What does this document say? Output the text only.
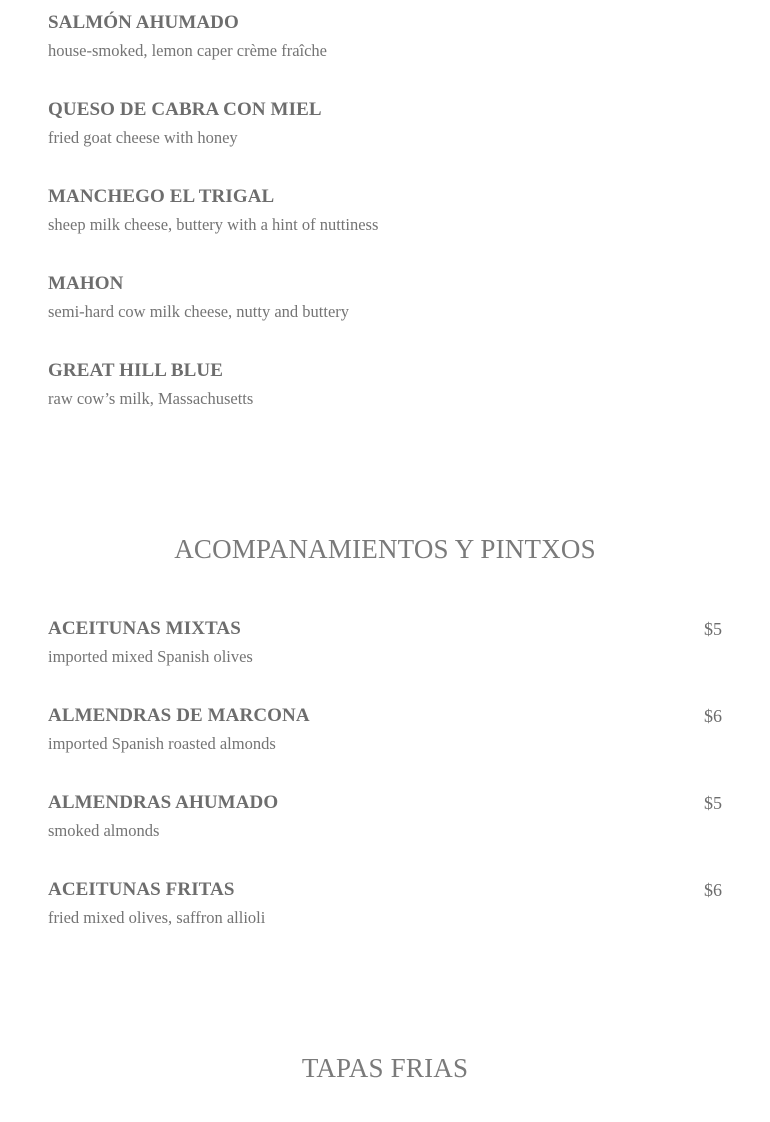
SALMÓN AHUMADO
house-smoked, lemon caper crème fraîche
QUESO DE CABRA CON MIEL
fried goat cheese with honey
MANCHEGO EL TRIGAL
sheep milk cheese, buttery with a hint of nuttiness
MAHON
semi-hard cow milk cheese, nutty and buttery
GREAT HILL BLUE
raw cow’s milk, Massachusetts
ACOMPANAMIENTOS Y PINTXOS
ACEITUNAS MIXTAS	$5
imported mixed Spanish olives
ALMENDRAS DE MARCONA	$6
imported Spanish roasted almonds
ALMENDRAS AHUMADO	$5
smoked almonds
ACEITUNAS FRITAS	$6
fried mixed olives, saffron allioli
TAPAS FRIAS
